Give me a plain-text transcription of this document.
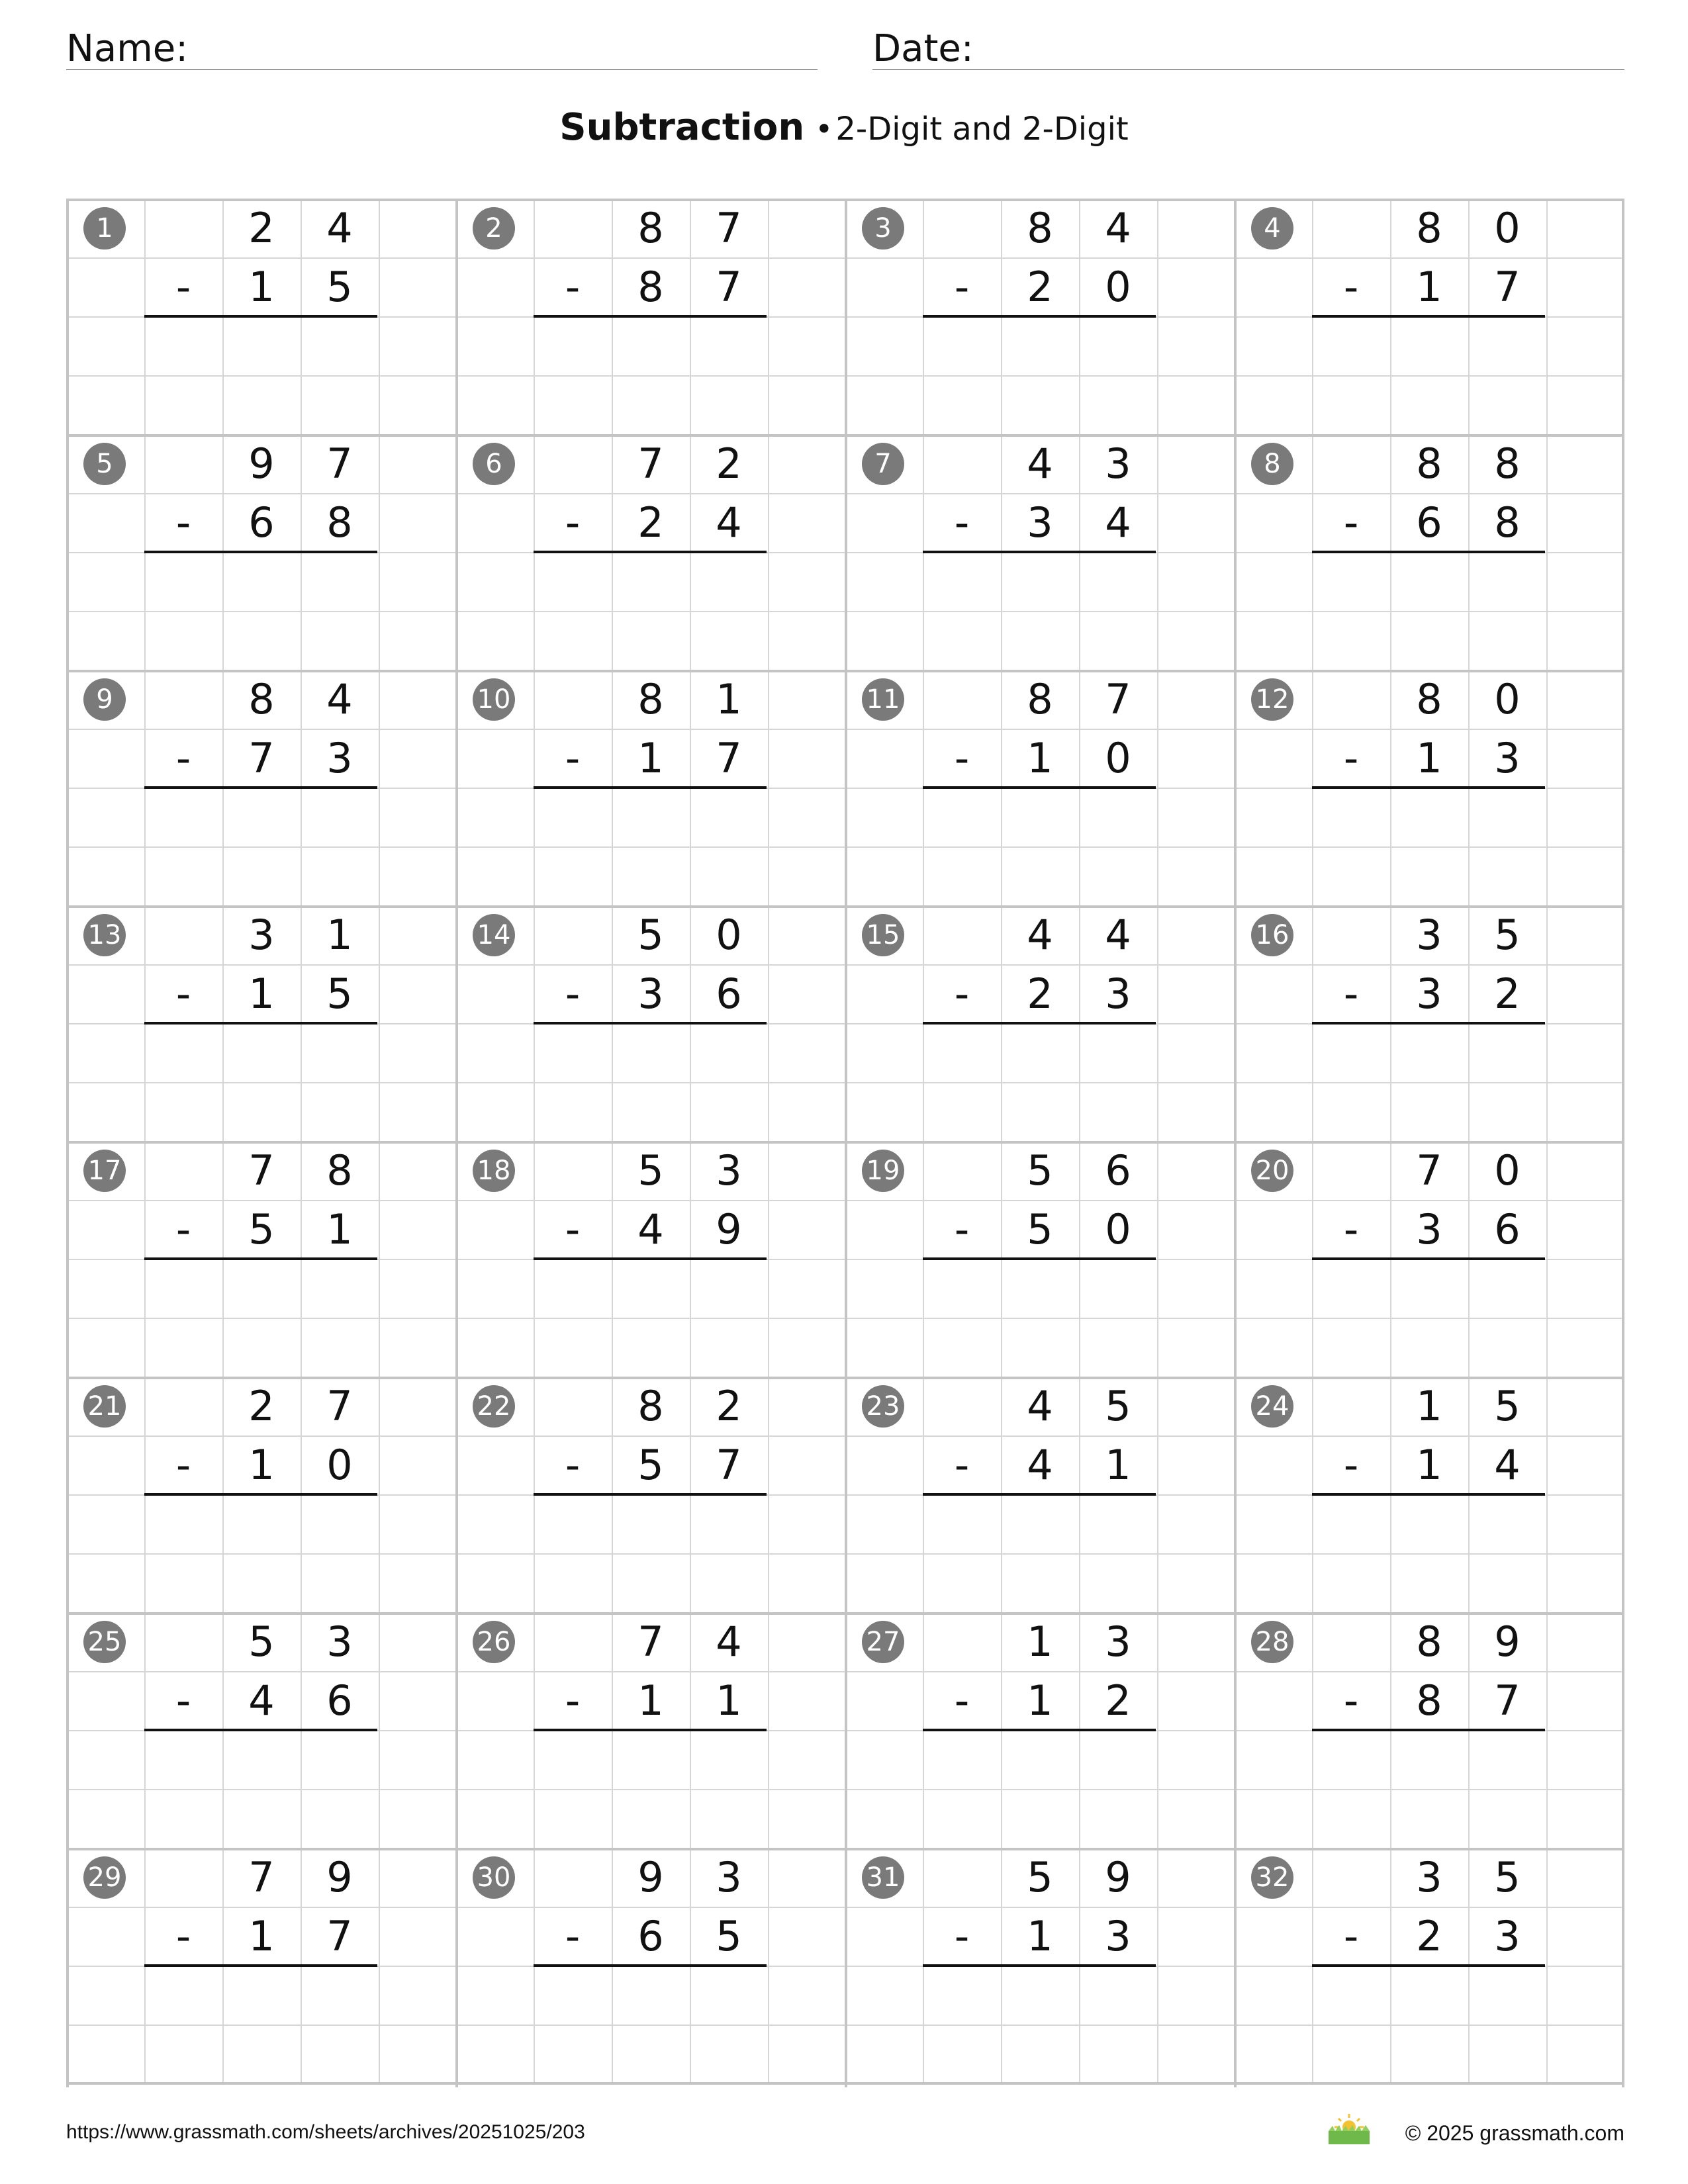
Name:	Date:
Subtraction •2-Digit and 2-Digit
1	2	4
-	1	5
2	8	7
-	8	7
3	8	4
-	2	0
4	8	0
-	1	7
5	9	7
-	6	8
6	7	2
-	2	4
7	4	3
-	3	4
8	8	8
-	6	8
9	8	4
-	7	3
10	8	1
-	1	7
11	8	7
-	1	0
12	8	0
-	1	3
13	3	1
-	1	5
14	5	0
-	3	6
15	4	4
-	2	3
16	3	5
-	3	2
17	7	8
-	5	1
18	5	3
-	4	9
19	5	6
-	5	0
20	7	0
-	3	6
21	2	7
-	1	0
22	8	2
-	5	7
23	4	5
-	4	1
24	1	5
-	1	4
25	5	3
-	4	6
26	7	4
-	1	1
27	1	3
-	1	2
28	8	9
-	8	7
29	7	9
-	1	7
30	9	3
-	6	5
31	5	9
-	1	3
32	3	5
-	2	3
https://www.grassmath.com/sheets/archives/20251025/203	© 2025 grassmath.com
